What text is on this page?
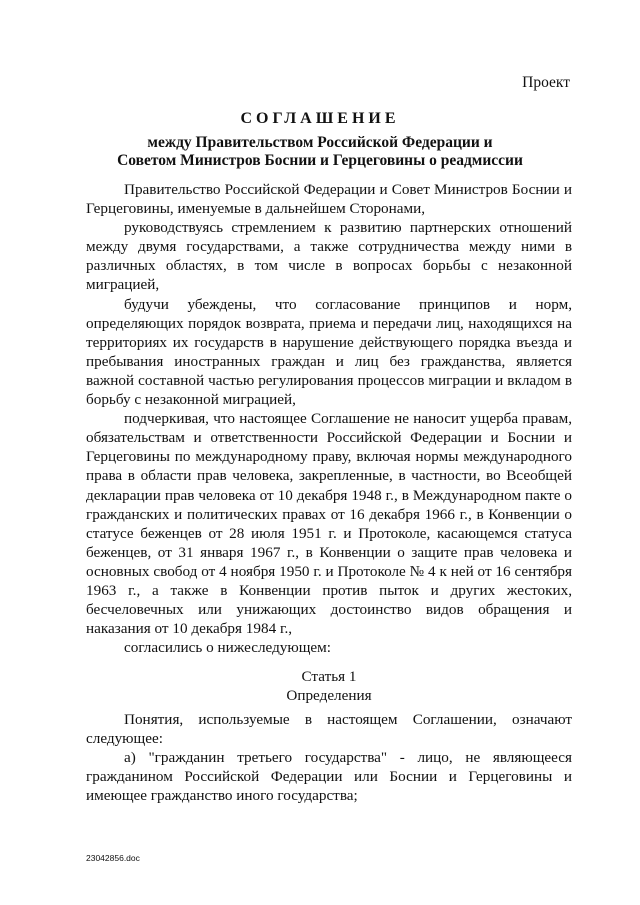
Проект
СОГЛАШЕНИЕ
между Правительством Российской Федерации и
Советом Министров Боснии и Герцеговины о реадмиссии

Правительство Российской Федерации и Совет Министров Боснии и Герцеговины, именуемые в дальнейшем Сторонами,

руководствуясь стремлением к развитию партнерских отношений между двумя государствами, а также сотрудничества между ними в различных областях, в том числе в вопросах борьбы с незаконной миграцией,

будучи убеждены, что согласование принципов и норм, определяющих порядок возврата, приема и передачи лиц, находящихся на территориях их государств в нарушение действующего порядка въезда и пребывания иностранных граждан и лиц без гражданства, является важной составной частью регулирования процессов миграции и вкладом в борьбу с незаконной миграцией,

подчеркивая, что настоящее Соглашение не наносит ущерба правам, обязательствам и ответственности Российской Федерации и Боснии и Герцеговины по международному праву, включая нормы международного права в области прав человека, закрепленные, в частности, во Всеобщей декларации прав человека от 10 декабря 1948 г., в Международном пакте о гражданских и политических правах от 16 декабря 1966 г., в Конвенции о статусе беженцев от 28 июля 1951 г. и Протоколе, касающемся статуса беженцев, от 31 января 1967 г., в Конвенции о защите прав человека и основных свобод от 4 ноября 1950 г. и Протоколе № 4 к ней от 16 сентября 1963 г., а также в Конвенции против пыток и других жестоких, бесчеловечных или унижающих достоинство видов обращения и наказания от 10 декабря 1984 г.,

согласились о нижеследующем:

Статья 1

Определения

Понятия, используемые в настоящем Соглашении, означают следующее:

а) "гражданин третьего государства" - лицо, не являющееся гражданином Российской Федерации или Боснии и Герцеговины и имеющее гражданство иного государства;

23042856.doc
